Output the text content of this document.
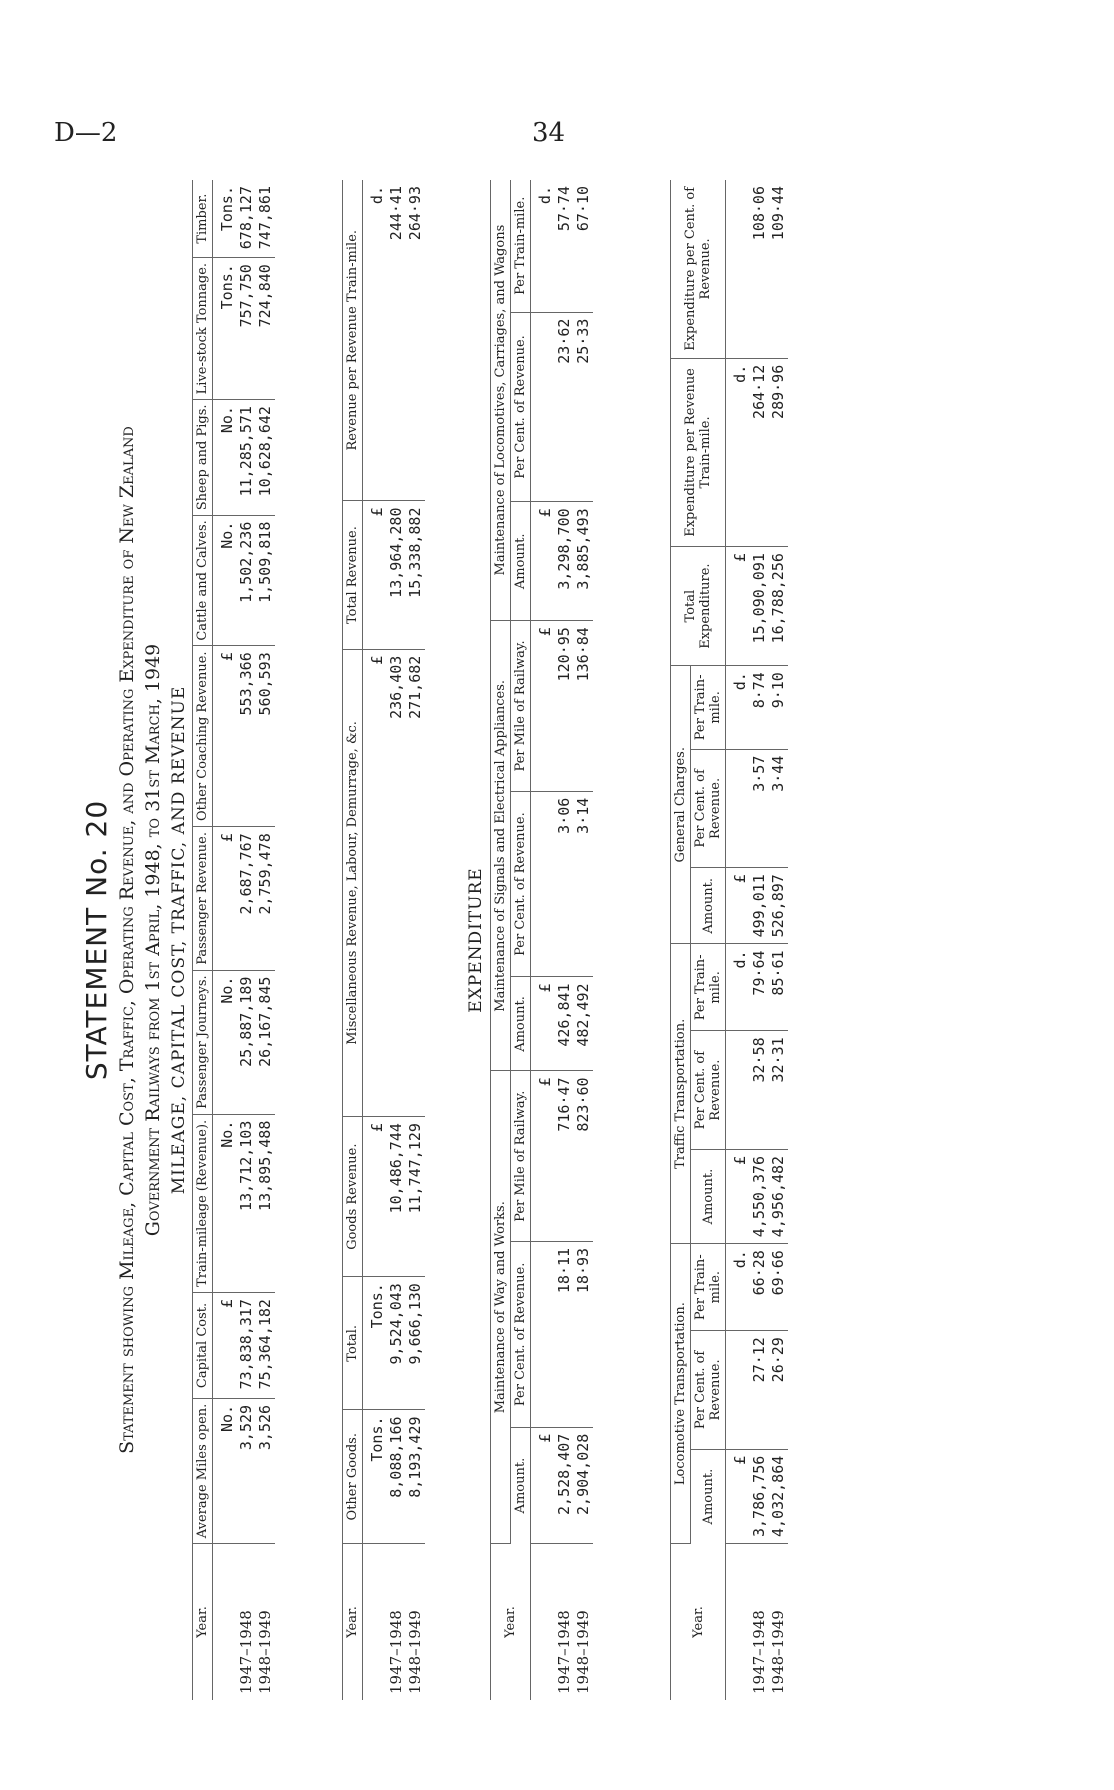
D—2	34
STATEMENT No. 20 Statement showing Mileage, Capital Cost, Traffic, Operating Revenue, and Operating Expenditure of New Zealand Government Railways from 1st April, 1948, to 31st March, 1949 MILEAGE, CAPITAL COST, TRAFFIC, AND REVENUE
Year.	Average Miles open.	Capital Cost.	Train-mileage (Revenue).	Passenger Journeys.	Passenger Revenue.	Other Coaching Revenue.	Cattle and Calves.	Sheep and Pigs.	Live-stock Tonnage.	Timber.
	No.	£	No.	No.	£	£	No.	No.	Tons.	Tons.
1947–1948	3,529	73,838,317	13,712,103	25,887,189	2,687,767	553,366	1,502,236	11,285,571	757,750	678,127
1948–1949	3,526	75,364,182	13,895,488	26,167,845	2,759,478	560,593	1,509,818	10,628,642	724,840	747,861
Year.	Other Goods.	Total.	Goods Revenue.	Miscellaneous Revenue, Labour, Demurrage, &c.	Total Revenue.	Revenue per Revenue Train-mile.
	Tons.	Tons.	£	£	£	d.
1947–1948	8,088,166	9,524,043	10,486,744	236,403	13,964,280	244·41
1948–1949	8,193,429	9,666,130	11,747,129	271,682	15,338,882	264·93
EXPENDITURE
Year.	Maintenance of Way and Works.			Maintenance of Signals and Electrical Appliances.			Maintenance of Locomotives, Carriages, and Wagons		
	Amount.	Per Cent. of Revenue.	Per Mile of Railway.	Amount.	Per Cent. of Revenue.	Per Mile of Railway.	Amount.	Per Cent. of Revenue.	Per Train-mile.
	£		£	£		£	£		d.
1947–1948	2,528,407	18·11	716·47	426,841	3·06	120·95	3,298,700	23·62	57·74
1948–1949	2,904,028	18·93	823·60	482,492	3·14	136·84	3,885,493	25·33	67·10
Year.	Locomotive Transportation.			Traffic Transportation.			General Charges.			Total Expenditure.	Expenditure per Revenue Train-mile.	Expenditure per Cent. of Revenue.
	Amount.	Per Cent. of Revenue.	Per Train-mile.	Amount.	Per Cent. of Revenue.	Per Train-mile.	Amount.	Per Cent. of Revenue.	Per Train-mile.			
	£		d.	£		d.	£		d.	£	d.	
1947–1948	3,786,756	27·12	66·28	4,550,376	32·58	79·64	499,011	3·57	8·74	15,090,091	264·12	108·06
1948–1949	4,032,864	26·29	69·66	4,956,482	32·31	85·61	526,897	3·44	9·10	16,788,256	289·96	109·44
